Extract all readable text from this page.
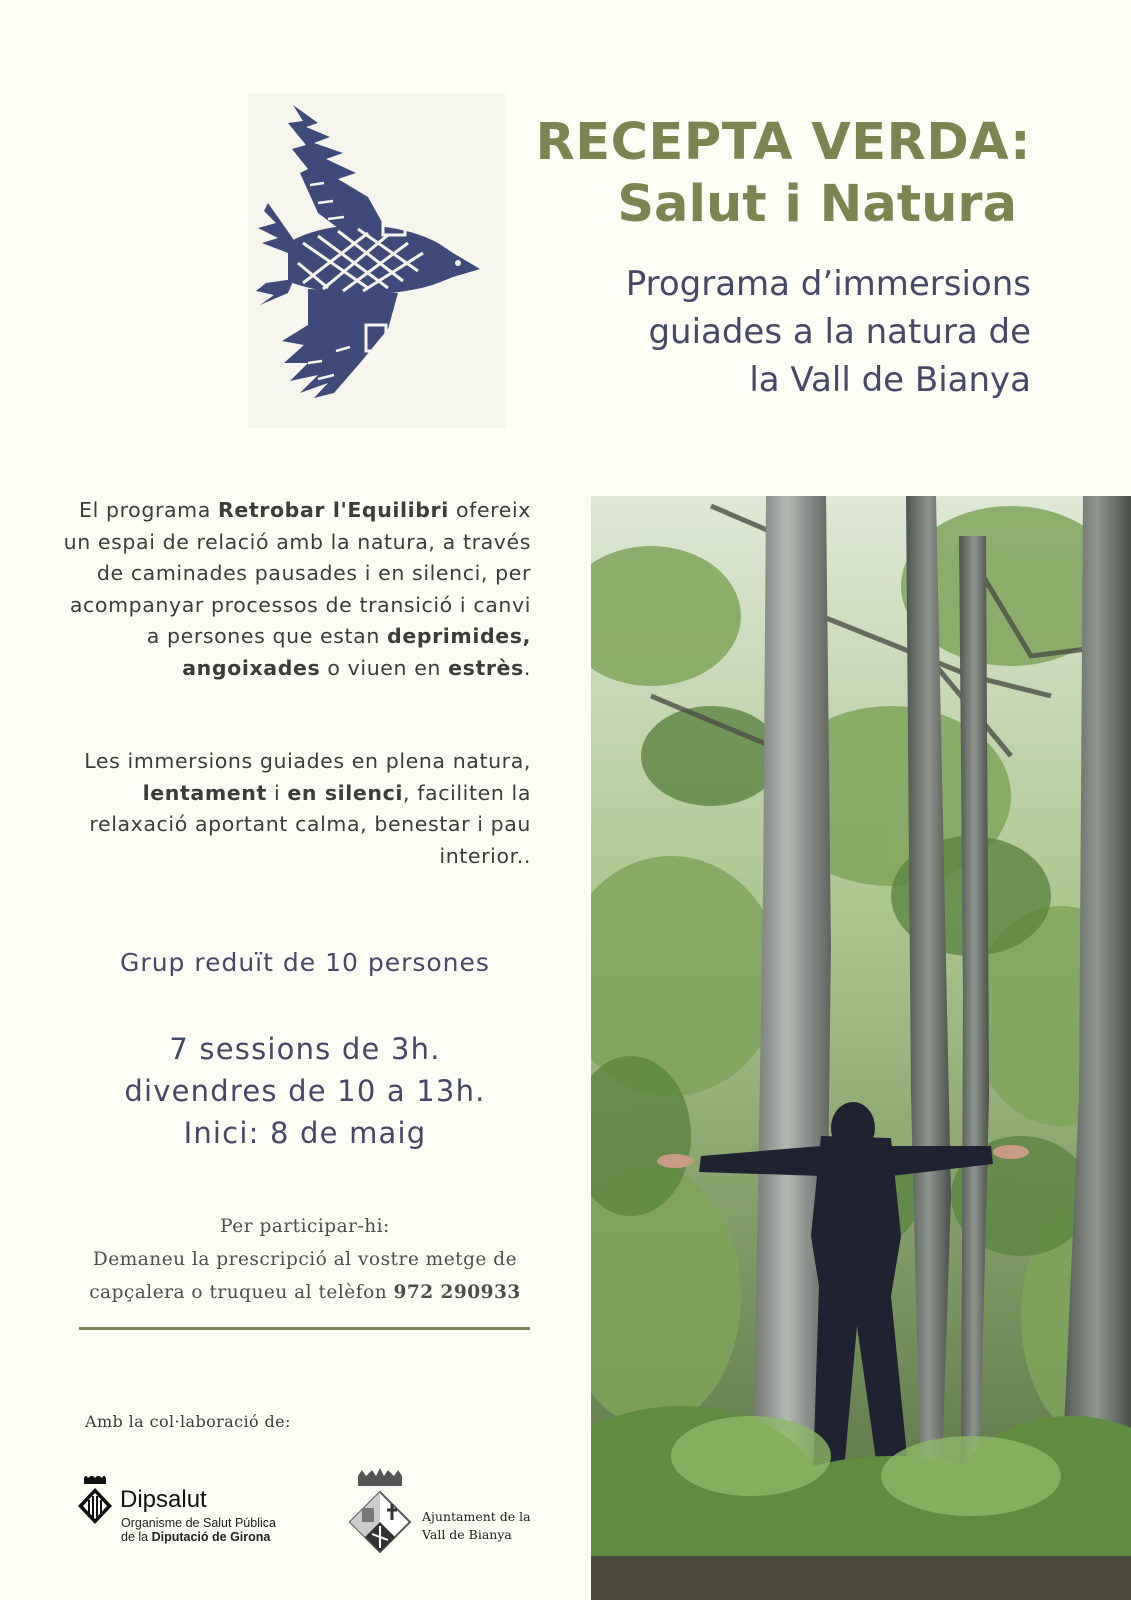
RECEPTA VERDA:
Salut i Natura
Programa d’immersions
guiades a la natura de
la Vall de Bianya
El programa Retrobar l'Equilibri ofereix un espai de relació amb la natura, a través de caminades pausades i en silenci, per acompanyar processos de transició i canvi a persones que estan deprimides, angoixades o viuen en estrès.
Les immersions guiades en plena natura, lentament i en silenci, faciliten la relaxació aportant calma, benestar i pau interior..
Grup reduït de 10 persones
7 sessions de 3h.
divendres de 10 a 13h.
Inici: 8 de maig
Per participar-hi:
Demaneu la prescripció al vostre metge de capçalera o truqueu al telèfon 972 290933
Amb la col·laboració de:
Dipsalut
Organisme de Salut Pública
de la Diputació de Girona
Ajuntament de la
Vall de Bianya
